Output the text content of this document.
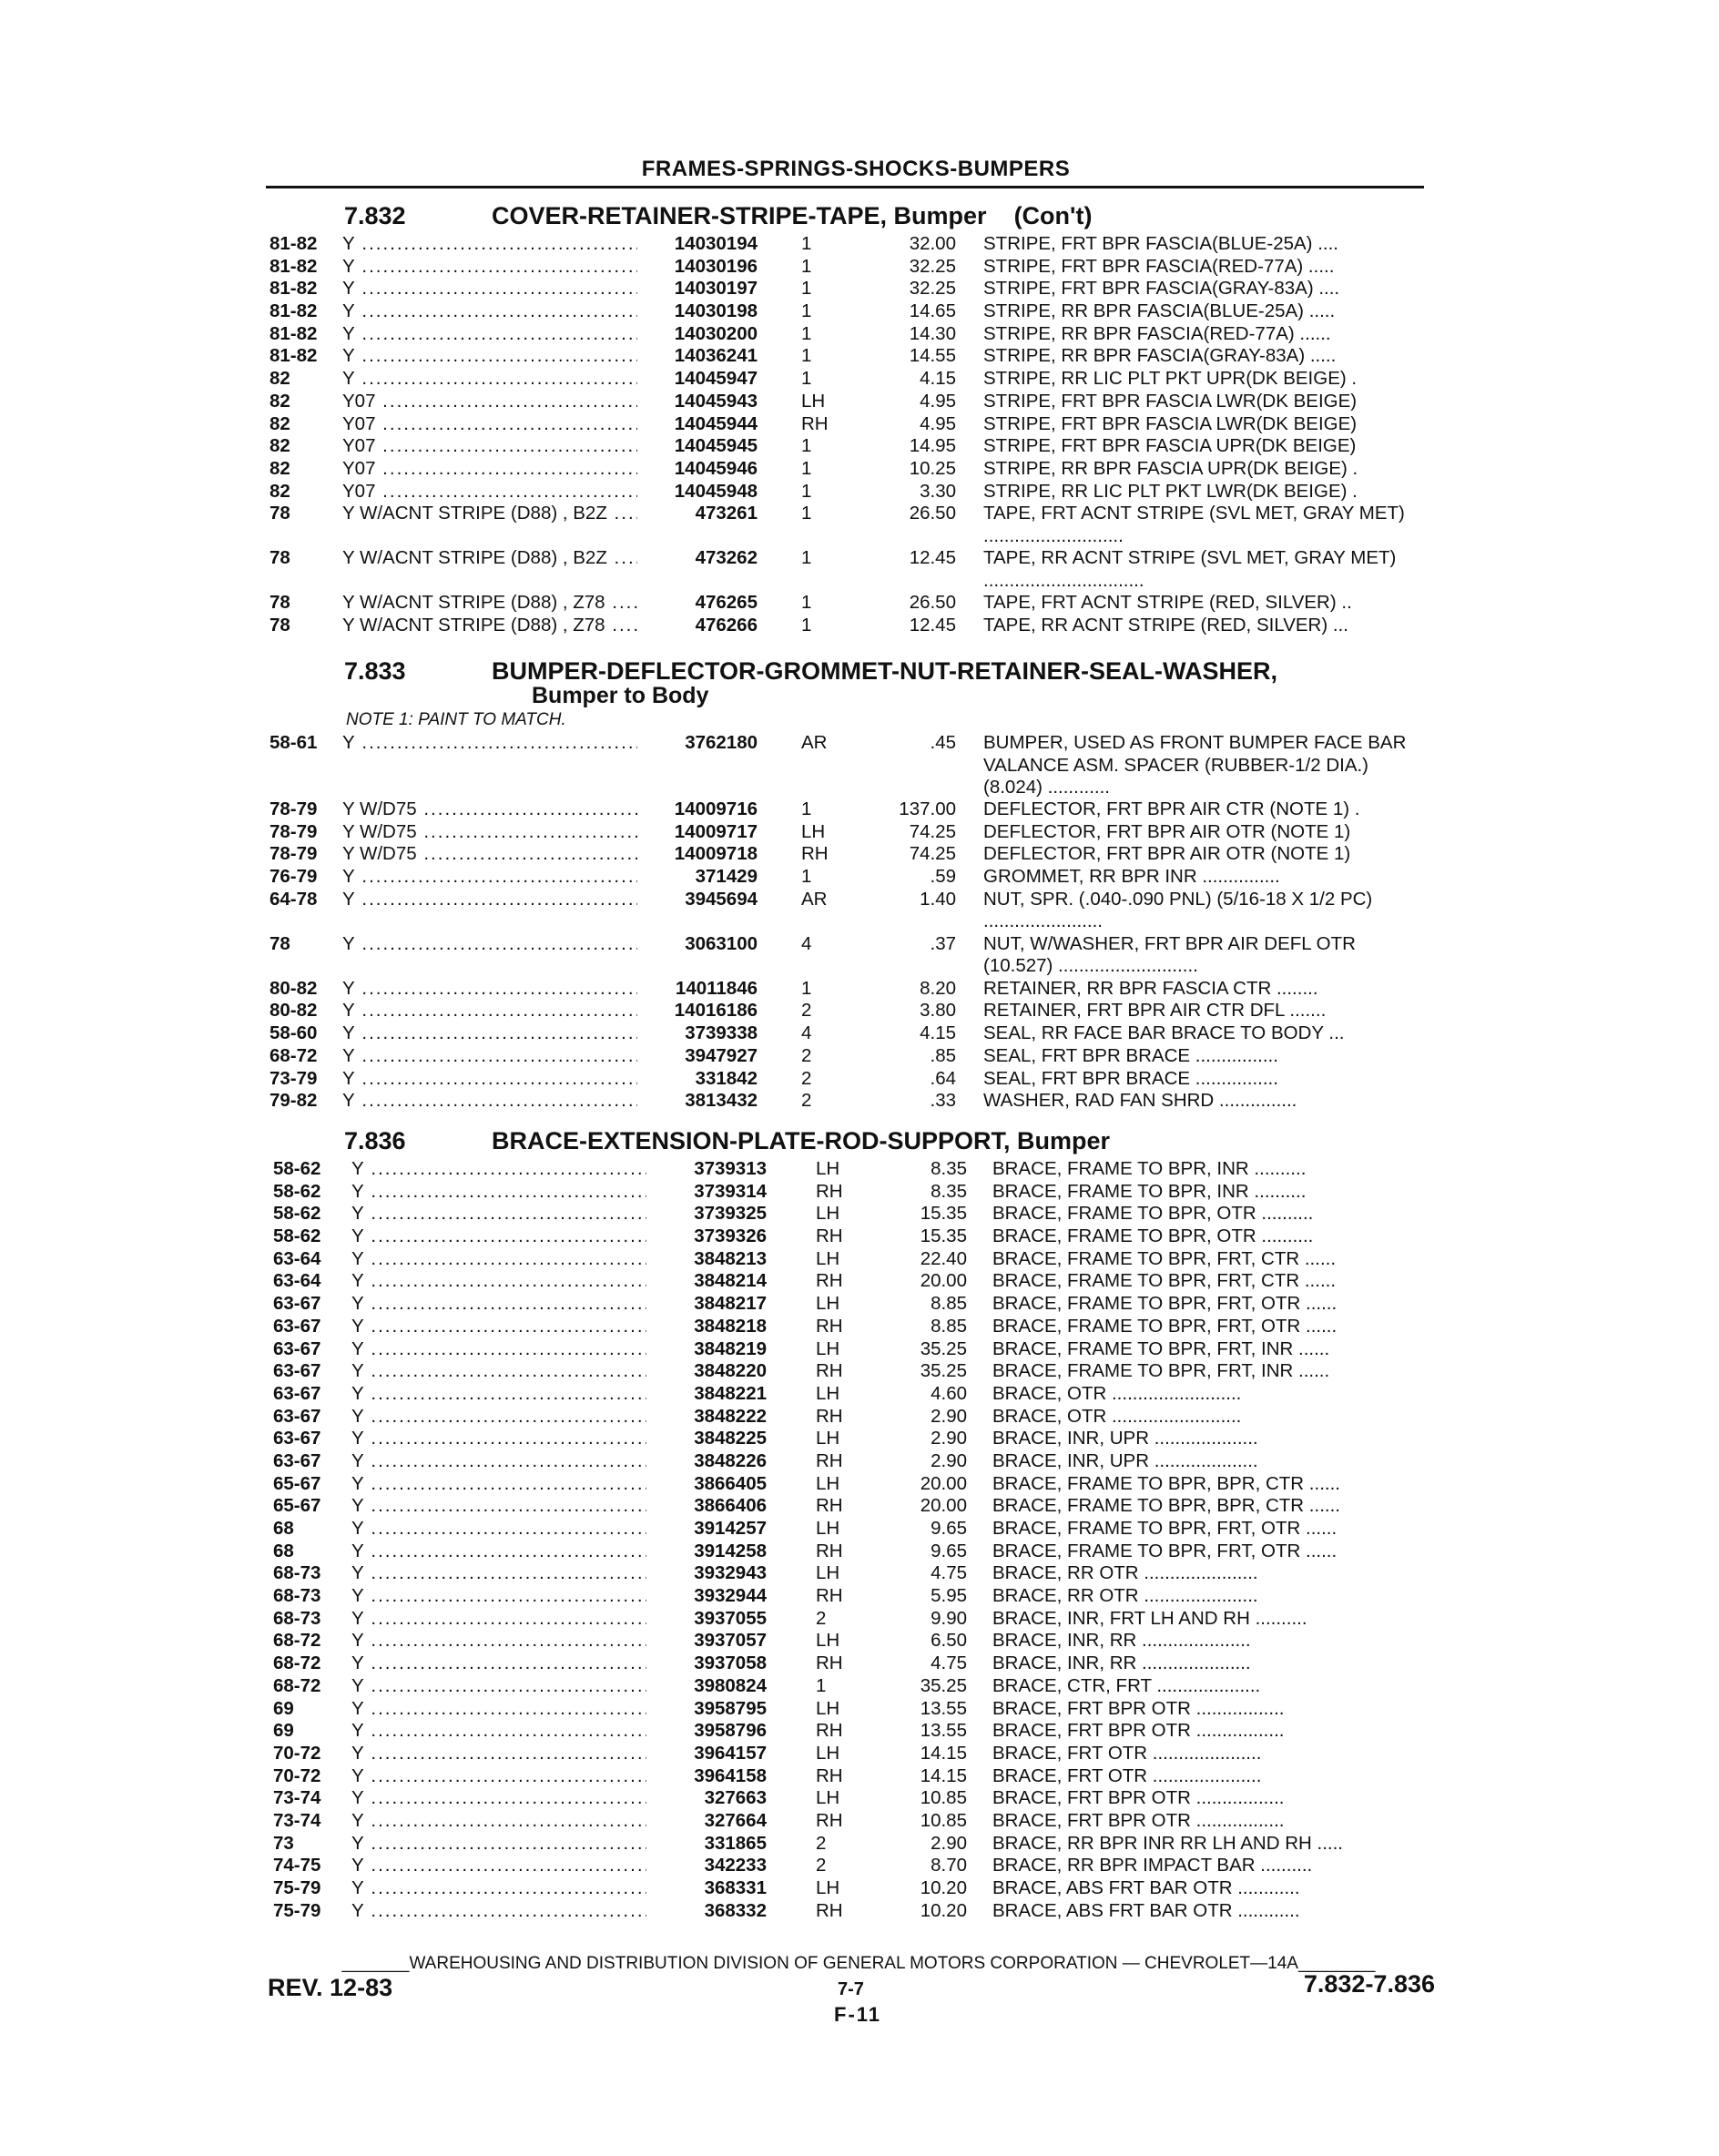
FRAMES-SPRINGS-SHOCKS-BUMPERS
7.832	COVER-RETAINER-STRIPE-TAPE, Bumper (Con't)
81-82	Y .....	14030194 1	32.00 STRIPE, FRT BPR FASCIA(BLUE-25A) ....
81-82	Y .....	14030196 1	32.25 STRIPE, FRT BPR FASCIA(RED-77A) .....
81-82	Y .....	14030197 1	32.25 STRIPE, FRT BPR FASCIA(GRAY-83A) ....
81-82	Y .....	14030198 1	14.65 STRIPE, RR BPR FASCIA(BLUE-25A) .....
81-82	Y .....	14030200 1	14.30 STRIPE, RR BPR FASCIA(RED-77A) ......
81-82	Y .....	14036241 1	14.55 STRIPE, RR BPR FASCIA(GRAY-83A) .....
82	Y .....	14045947 1	4.15 STRIPE, RR LIC PLT PKT UPR(DK BEIGE) .
82	Y07 .....	14045943 LH	4.95 STRIPE, FRT BPR FASCIA LWR(DK BEIGE)
82	Y07 .....	14045944 RH	4.95 STRIPE, FRT BPR FASCIA LWR(DK BEIGE)
82	Y07 .....	14045945 1	14.95 STRIPE, FRT BPR FASCIA UPR(DK BEIGE)
82	Y07 .....	14045946 1	10.25 STRIPE, RR BPR FASCIA UPR(DK BEIGE) .
82	Y07 .....	14045948 1	3.30 STRIPE, RR LIC PLT PKT LWR(DK BEIGE) .
78	Y W/ACNT STRIPE (D88) , B2Z .....	473261 1	26.50 TAPE, FRT ACNT STRIPE (SVL MET, GRAY MET) ...........................
78	Y W/ACNT STRIPE (D88) , B2Z .....	473262 1	12.45 TAPE, RR ACNT STRIPE (SVL MET, GRAY MET) ...............................
78	Y W/ACNT STRIPE (D88) , Z78 .....	476265 1	26.50 TAPE, FRT ACNT STRIPE (RED, SILVER) ..
78	Y W/ACNT STRIPE (D88) , Z78 .....	476266 1	12.45 TAPE, RR ACNT STRIPE (RED, SILVER) ...
7.833	BUMPER-DEFLECTOR-GROMMET-NUT-RETAINER-SEAL-WASHER,
Bumper to Body
NOTE 1: PAINT TO MATCH.
58-61	Y .....	3762180 AR	.45 BUMPER, USED AS FRONT BUMPER FACE BAR VALANCE ASM. SPACER (RUBBER-1/2 DIA.) (8.024) ............
78-79	Y W/D75 .....	14009716 1	137.00 DEFLECTOR, FRT BPR AIR CTR (NOTE 1) .
78-79	Y W/D75 .....	14009717 LH	74.25 DEFLECTOR, FRT BPR AIR OTR (NOTE 1)
78-79	Y W/D75 .....	14009718 RH	74.25 DEFLECTOR, FRT BPR AIR OTR (NOTE 1)
76-79	Y .....	371429 1	.59 GROMMET, RR BPR INR ...............
64-78	Y .....	3945694 AR	1.40 NUT, SPR. (.040-.090 PNL) (5/16-18 X 1/2 PC) .......................
78	Y .....	3063100 4	.37 NUT, W/WASHER, FRT BPR AIR DEFL OTR (10.527) ...........................
80-82	Y .....	14011846 1	8.20 RETAINER, RR BPR FASCIA CTR ........
80-82	Y .....	14016186 2	3.80 RETAINER, FRT BPR AIR CTR DFL .......
58-60	Y .....	3739338 4	4.15 SEAL, RR FACE BAR BRACE TO BODY ...
68-72	Y .....	3947927 2	.85 SEAL, FRT BPR BRACE ................
73-79	Y .....	331842 2	.64 SEAL, FRT BPR BRACE ................
79-82	Y .....	3813432 2	.33 WASHER, RAD FAN SHRD ...............
7.836	BRACE-EXTENSION-PLATE-ROD-SUPPORT, Bumper
58-62	Y .....	3739313	LH	8.35 BRACE, FRAME TO BPR, INR ..........
58-62	Y .....	3739314	RH	8.35 BRACE, FRAME TO BPR, INR ..........
58-62	Y .....	3739325	LH	15.35 BRACE, FRAME TO BPR, OTR ..........
58-62	Y .....	3739326	RH	15.35 BRACE, FRAME TO BPR, OTR ..........
63-64	Y .....	3848213	LH	22.40 BRACE, FRAME TO BPR, FRT, CTR ......
63-64	Y .....	3848214	RH	20.00 BRACE, FRAME TO BPR, FRT, CTR ......
63-67	Y .....	3848217	LH	8.85 BRACE, FRAME TO BPR, FRT, OTR ......
63-67	Y .....	3848218	RH	8.85 BRACE, FRAME TO BPR, FRT, OTR ......
63-67	Y .....	3848219	LH	35.25 BRACE, FRAME TO BPR, FRT, INR ......
63-67	Y .....	3848220	RH	35.25 BRACE, FRAME TO BPR, FRT, INR ......
63-67	Y .....	3848221	LH	4.60 BRACE, OTR .........................
63-67	Y .....	3848222	RH	2.90 BRACE, OTR .........................
63-67	Y .....	3848225	LH	2.90 BRACE, INR, UPR ....................
63-67	Y .....	3848226	RH	2.90 BRACE, INR, UPR ....................
65-67	Y .....	3866405	LH	20.00 BRACE, FRAME TO BPR, BPR, CTR ......
65-67	Y .....	3866406	RH	20.00 BRACE, FRAME TO BPR, BPR, CTR ......
68	Y .....	3914257	LH	9.65 BRACE, FRAME TO BPR, FRT, OTR ......
68	Y .....	3914258	RH	9.65 BRACE, FRAME TO BPR, FRT, OTR ......
68-73	Y .....	3932943	LH	4.75 BRACE, RR OTR ......................
68-73	Y .....	3932944	RH	5.95 BRACE, RR OTR ......................
68-73	Y .....	3937055	2	9.90 BRACE, INR, FRT LH AND RH ..........
68-72	Y .....	3937057	LH	6.50 BRACE, INR, RR .....................
68-72	Y .....	3937058	RH	4.75 BRACE, INR, RR .....................
68-72	Y .....	3980824	1	35.25 BRACE, CTR, FRT ....................
69	Y .....	3958795	LH	13.55 BRACE, FRT BPR OTR .................
69	Y .....	3958796	RH	13.55 BRACE, FRT BPR OTR .................
70-72	Y .....	3964157	LH	14.15 BRACE, FRT OTR .....................
70-72	Y .....	3964158	RH	14.15 BRACE, FRT OTR .....................
73-74	Y .....	327663	LH	10.85 BRACE, FRT BPR OTR .................
73-74	Y .....	327664	RH	10.85 BRACE, FRT BPR OTR .................
73	Y .....	331865	2	2.90 BRACE, RR BPR INR RR LH AND RH .....
74-75	Y .....	342233	2	8.70 BRACE, RR BPR IMPACT BAR ..........
75-79	Y .....	368331	LH	10.20 BRACE, ABS FRT BAR OTR ............
75-79	Y .....	368332	RH	10.20 BRACE, ABS FRT BAR OTR ............
_______WAREHOUSING AND DISTRIBUTION DIVISION OF GENERAL MOTORS CORPORATION — CHEVROLET—14A________
REV. 12-83	7-7	7.832-7.836
F-11
